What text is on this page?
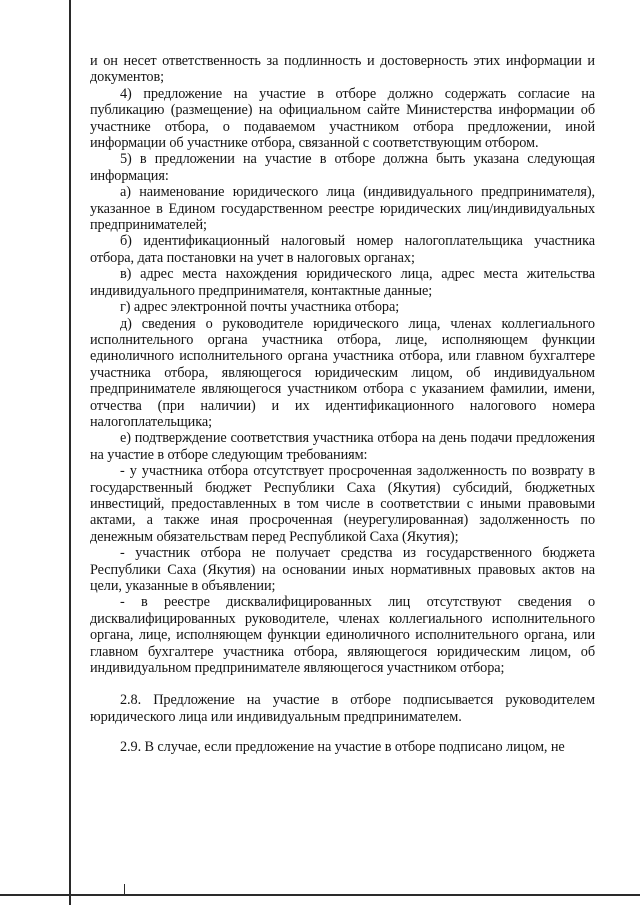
и он несет ответственность за подлинность и достоверность этих информации и документов;

4) предложение на участие в отборе должно содержать согласие на публикацию (размещение) на официальном сайте Министерства информации об участнике отбора, о подаваемом участником отбора предложении, иной информации об участнике отбора, связанной с соответствующим отбором.

5) в предложении на участие в отборе должна быть указана следующая информация:

а) наименование юридического лица (индивидуального предпринимателя), указанное в Едином государственном реестре юридических лиц/индивидуальных предпринимателей;

б) идентификационный налоговый номер налогоплательщика участника отбора, дата постановки на учет в налоговых органах;

в) адрес места нахождения юридического лица, адрес места жительства индивидуального предпринимателя, контактные данные;

г) адрес электронной почты участника отбора;

д) сведения о руководителе юридического лица, членах коллегиального исполнительного органа участника отбора, лице, исполняющем функции единоличного исполнительного органа участника отбора, или главном бухгалтере участника отбора, являющегося юридическим лицом, об индивидуальном предпринимателе являющегося участником отбора с указанием фамилии, имени, отчества (при наличии) и их идентификационного налогового номера налогоплательщика;

е) подтверждение соответствия участника отбора на день подачи предложения на участие в отборе следующим требованиям:

- у участника отбора отсутствует просроченная задолженность по возврату в государственный бюджет Республики Саха (Якутия) субсидий, бюджетных инвестиций, предоставленных в том числе в соответствии с иными правовыми актами, а также иная просроченная (неурегулированная) задолженность по денежным обязательствам перед Республикой Саха (Якутия);

- участник отбора не получает средства из государственного бюджета Республики Саха (Якутия) на основании иных нормативных правовых актов на цели, указанные в объявлении;

- в реестре дисквалифицированных лиц отсутствуют сведения о дисквалифицированных руководителе, членах коллегиального исполнительного органа, лице, исполняющем функции единоличного исполнительного органа, или главном бухгалтере участника отбора, являющегося юридическим лицом, об индивидуальном предпринимателе являющегося участником отбора;

2.8. Предложение на участие в отборе подписывается руководителем юридического лица или индивидуальным предпринимателем.

2.9. В случае, если предложение на участие в отборе подписано лицом, не
